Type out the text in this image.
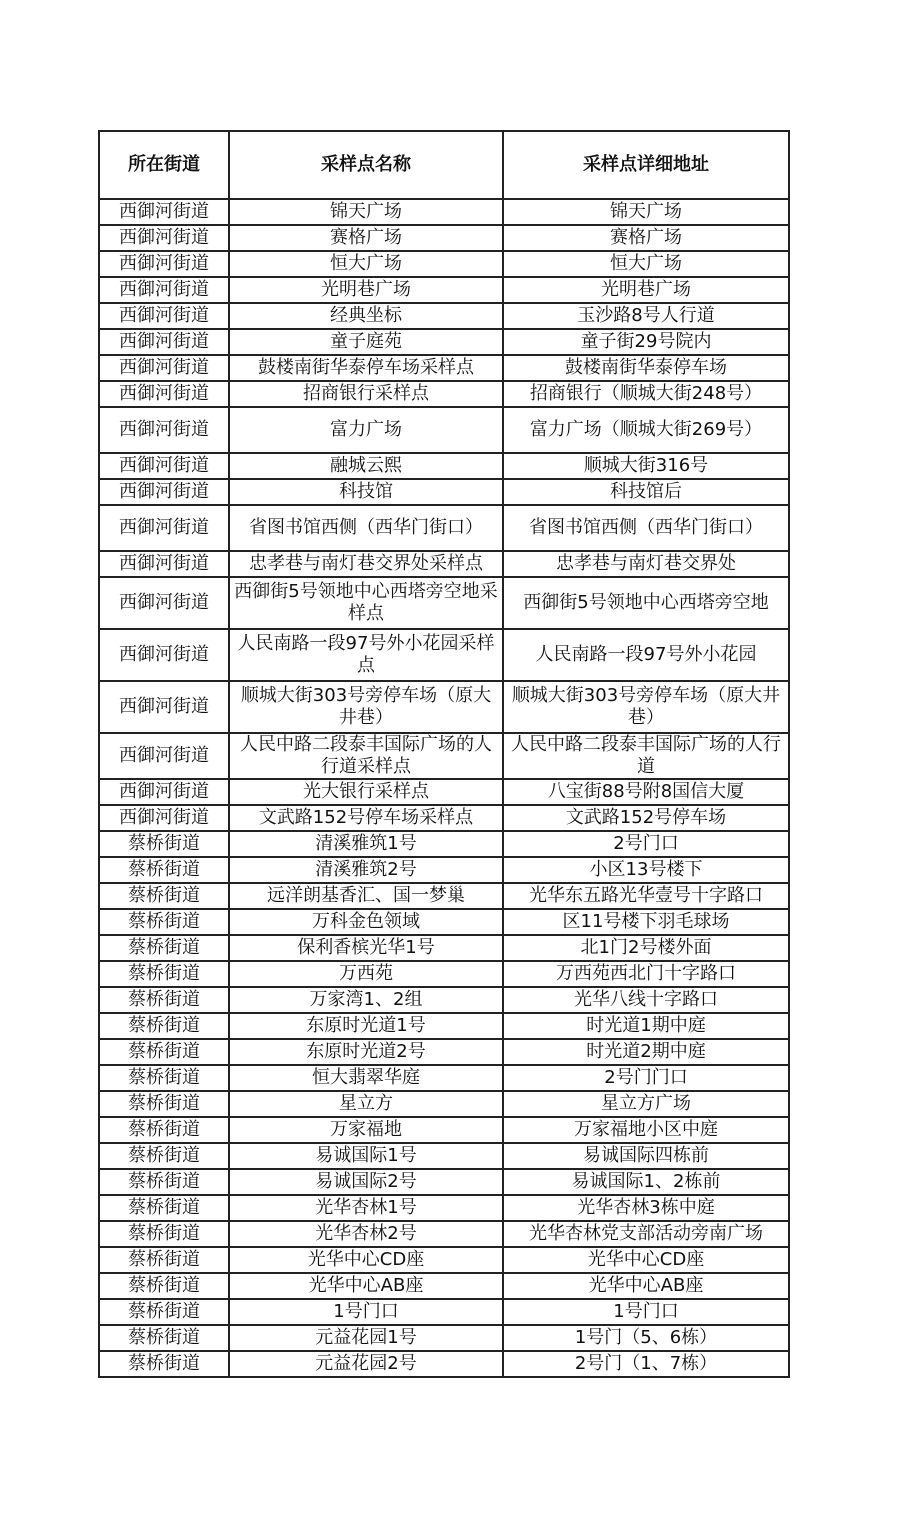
所在街道	采样点名称	采样点详细地址

西御河街道	锦天广场	锦天广场

西御河街道	赛格广场	赛格广场

西御河街道	恒大广场	恒大广场

西御河街道	光明巷广场	光明巷广场

西御河街道	经典坐标	玉沙路8号人行道

西御河街道	童子庭苑	童子街29号院内

西御河街道	鼓楼南街华泰停车场采样点	鼓楼南街华泰停车场

西御河街道	招商银行采样点	招商银行（顺城大街248号）

西御河街道	富力广场	富力广场（顺城大街269号）

西御河街道	融城云熙	顺城大街316号

西御河街道	科技馆	科技馆后

西御河街道	省图书馆西侧（西华门街口）	省图书馆西侧（西华门街口）

西御河街道	忠孝巷与南灯巷交界处采样点	忠孝巷与南灯巷交界处

西御河街道	西御街5号领地中心西塔旁空地采样点	西御街5号领地中心西塔旁空地

西御河街道	人民南路一段97号外小花园采样点	人民南路一段97号外小花园

西御河街道	顺城大街303号旁停车场（原大井巷）	顺城大街303号旁停车场（原大井巷）

西御河街道	人民中路二段泰丰国际广场的人行道采样点	人民中路二段泰丰国际广场的人行道

西御河街道	光大银行采样点	八宝街88号附8国信大厦

西御河街道	文武路152号停车场采样点	文武路152号停车场

蔡桥街道	清溪雅筑1号	2号门口

蔡桥街道	清溪雅筑2号	小区13号楼下

蔡桥街道	远洋朗基香汇、国一梦巢	光华东五路光华壹号十字路口

蔡桥街道	万科金色领域	区11号楼下羽毛球场

蔡桥街道	保利香槟光华1号	北1门2号楼外面

蔡桥街道	万西苑	万西苑西北门十字路口

蔡桥街道	万家湾1、2组	光华八线十字路口

蔡桥街道	东原时光道1号	时光道1期中庭

蔡桥街道	东原时光道2号	时光道2期中庭

蔡桥街道	恒大翡翠华庭	2号门门口

蔡桥街道	星立方	星立方广场

蔡桥街道	万家福地	万家福地小区中庭

蔡桥街道	易诚国际1号	易诚国际四栋前

蔡桥街道	易诚国际2号	易诚国际1、2栋前

蔡桥街道	光华杏林1号	光华杏林3栋中庭

蔡桥街道	光华杏林2号	光华杏林党支部活动旁南广场

蔡桥街道	光华中心CD座	光华中心CD座

蔡桥街道	光华中心AB座	光华中心AB座

蔡桥街道	1号门口	1号门口

蔡桥街道	元益花园1号	1号门（5、6栋）

蔡桥街道	元益花园2号	2号门（1、7栋）
